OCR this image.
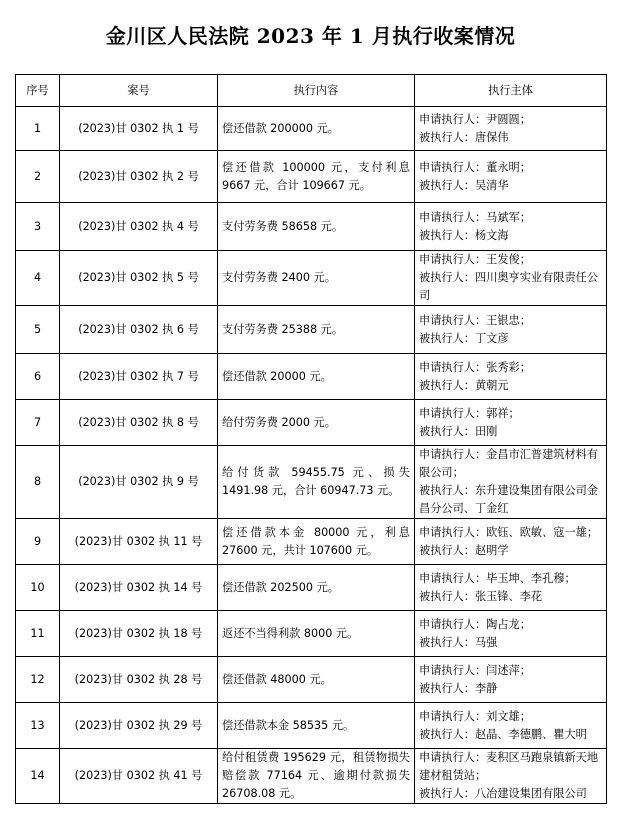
金川区人民法院 2023 年 1 月执行收案情况
序号	案号	执行内容	执行主体
1	(2023)甘 0302 执 1 号	偿还借款 200000 元。	申请执行人：尹圆圆；
被执行人：唐保伟

2	(2023)甘 0302 执 2 号	偿还借款 100000 元，支付利息 9667 元，合计 109667 元。	申请执行人：董永明；
被执行人：吴清华

3	(2023)甘 0302 执 4 号	支付劳务费 58658 元。	申请执行人：马斌军；
被执行人：杨文海

4	(2023)甘 0302 执 5 号	支付劳务费 2400 元。	申请执行人：王发俊；
被执行人：四川奥亨实业有限责任公司

5	(2023)甘 0302 执 6 号	支付劳务费 25388 元。	申请执行人：王银忠；
被执行人：丁文彦

6	(2023)甘 0302 执 7 号	偿还借款 20000 元。	申请执行人：张秀彩；
被执行人：黄朝元

7	(2023)甘 0302 执 8 号	给付劳务费 2000 元。	申请执行人：郭祥；
被执行人：田刚

8	(2023)甘 0302 执 9 号	给付货款 59455.75 元、损失 1491.98 元，合计 60947.73 元。	申请执行人：金昌市汇普建筑材料有限公司；
被执行人：东升建设集团有限公司金昌分公司、丁金红

9	(2023)甘 0302 执 11 号	偿还借款本金 80000 元，利息 27600 元，共计 107600 元。	申请执行人：欧钰、欧敏、寇一雄；
被执行人：赵明学

10	(2023)甘 0302 执 14 号	偿还借款 202500 元。	申请执行人：毕玉坤、李孔穆；
被执行人：张玉锋、李花

11	(2023)甘 0302 执 18 号	返还不当得利款 8000 元。	申请执行人：陶占龙；
被执行人：马强

12	(2023)甘 0302 执 28 号	偿还借款 48000 元。	申请执行人：闫述萍；
被执行人：李静

13	(2023)甘 0302 执 29 号	偿还借款本金 58535 元。	申请执行人：刘文雄；
被执行人：赵晶、李德鹏、瞿大明

14	(2023)甘 0302 执 41 号	给付租赁费 195629 元，租赁物损失赔偿款 77164 元、逾期付款损失 26708.08 元。	申请执行人：麦积区马跑泉镇新天地建材租赁站；
被执行人：八冶建设集团有限公司
